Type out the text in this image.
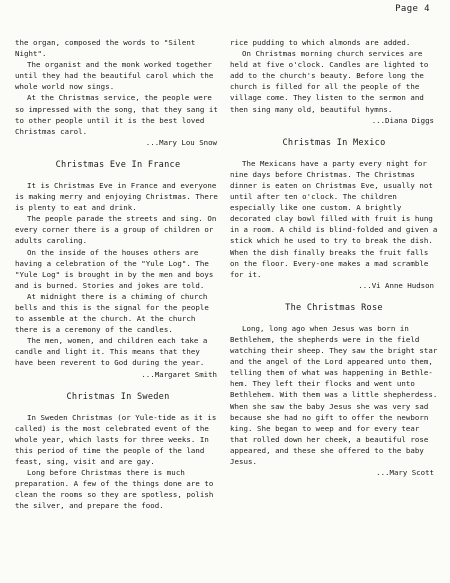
Page 4

the organ, composed the words to "Silent Night".

The organist and the monk worked together until they had the beautiful carol which the whole world now sings.

At the Christmas service, the people were so impressed with the song, that they sang it to other people until it is the best loved Christmas carol.

...Mary Lou Snow

Christmas Eve In France

It is Christmas Eve in France and everyone is making merry and enjoying Christmas. There is plenty to eat and drink.

The people parade the streets and sing. On every corner there is a group of children or adults caroling.

On the inside of the houses others are having a celebration of the "Yule Log". The "Yule Log" is brought in by the men and boys and is burned. Stories and jokes are told.

At midnight there is a chiming of church bells and this is the signal for the people to assemble at the church. At the church there is a ceremony of the candles.

The men, women, and children each take a candle and light it. This means that they have been reverent to God during the year.

...Margaret Smith

Christmas In Sweden

In Sweden Christmas (or Yule-tide as it is called) is the most celebrated event of the whole year, which lasts for three weeks. In this period of time the people of the land feast, sing, visit and are gay.

Long before Christmas there is much preparation. A few of the things done are to clean the rooms so they are spotless, polish the silver, and prepare the food.

rice pudding to which almonds are added.

On Christmas morning church services are held at five o'clock. Candles are lighted to add to the church's beauty. Before long the church is filled for all the people of the village come. They listen to the sermon and then sing many old, beautiful hymns.

...Diana Diggs

Christmas In Mexico

The Mexicans have a party every night for nine days before Christmas. The Christmas dinner is eaten on Christmas Eve, usually not until after ten o'clock. The children especially like one custom. A brightly decorated clay bowl filled with fruit is hung in a room. A child is blind-folded and given a stick which he used to try to break the dish. When the dish finally breaks the fruit falls on the floor. Every-one makes a mad scramble for it.

...Vi Anne Hudson

The Christmas Rose

Long, long ago when Jesus was born in Bethlehem, the shepherds were in the field watching their sheep. They saw the bright star and the angel of the Lord appeared unto them, telling them of what was happening in Bethle-hem. They left their flocks and went unto Bethlehem. With them was a little shepherdess. When she saw the baby Jesus she was very sad because she had no gift to offer the newborn king. She began to weep and for every tear that rolled down her cheek, a beautiful rose appeared, and these she offered to the baby Jesus.

...Mary Scott
